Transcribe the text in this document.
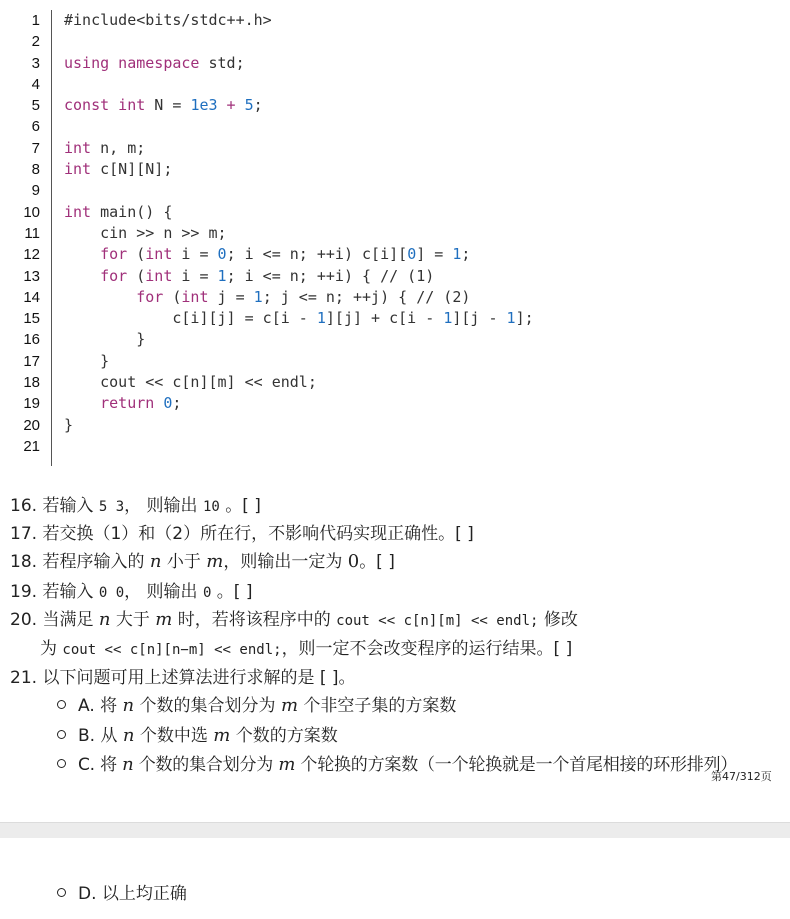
1 #include<bits/stdc++.h>
2
3 using namespace std;
4
5 const int N = 1e3 + 5;
6
7 int n, m;
8 int c[N][N];
9
10 int main() {
11 cin >> n >> m;
12 for (int i = 0; i <= n; ++i) c[i][0] = 1;
13 for (int i = 1; i <= n; ++i) { // (1)
14 for (int j = 1; j <= n; ++j) { // (2)
15 c[i][j] = c[i - 1][j] + c[i - 1][j - 1];
16 }
17 }
18 cout << c[n][m] << endl;
19 return 0;
20 }
21
16. 若输入 5 3， 则输出 10 。[ ]
17. 若交换（1）和（2）所在行，不影响代码实现正确性。[ ]
18. 若程序输入的 n 小于 m，则输出一定为 0。[ ]
19. 若输入 0 0， 则输出 0 。[ ]
20. 当满足 n 大于 m 时，若将该程序中的 cout << c[n][m] << endl; 修改
为 cout << c[n][n−m] << endl;，则一定不会改变程序的运行结果。[ ]
21. 以下问题可用上述算法进行求解的是 [ ]。
A. 将 n 个数的集合划分为 m 个非空子集的方案数
B. 从 n 个数中选 m 个数的方案数
C. 将 n 个数的集合划分为 m 个轮换的方案数（一个轮换就是一个首尾相接的环形排列）
第47/312页
D. 以上均正确
